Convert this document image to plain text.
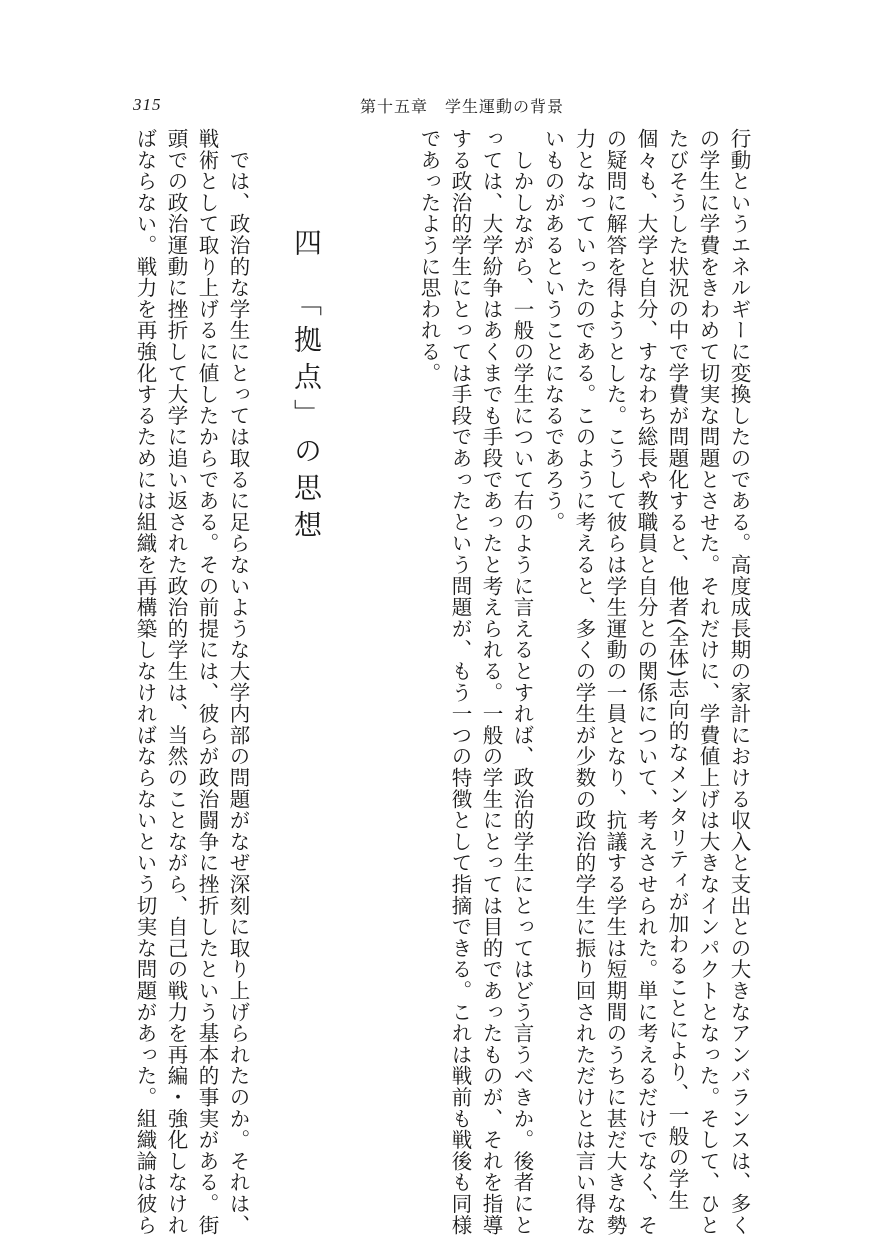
315	第十五章　学生運動の背景
行動というエネルギーに変換したのである。高度成長期の家計における収入と支出との大きなアンバランスは、多く
の学生に学費をきわめて切実な問題とさせた。それだけに、学費値上げは大きなインパクトとなった。そして、ひと
たびそうした状況の中で学費が問題化すると、他者(全体)志向的なメンタリティが加わることにより、一般の学生
個々も、大学と自分、すなわち総長や教職員と自分との関係について、考えさせられた。単に考えるだけでなく、そ
の疑問に解答を得ようとした。こうして彼らは学生運動の一員となり、抗議する学生は短期間のうちに甚だ大きな勢
力となっていったのである。このように考えると、多くの学生が少数の政治的学生に振り回されただけとは言い得な
いものがあるということになるであろう。
　しかしながら、一般の学生について右のように言えるとすれば、政治的学生にとってはどう言うべきか。後者にと
っては、大学紛争はあくまでも手段であったと考えられる。一般の学生にとっては目的であったものが、それを指導
する政治的学生にとっては手段であったという問題が、もう一つの特徴として指摘できる。これは戦前も戦後も同様
であったように思われる。
四　「拠点」の思想
　では、政治的な学生にとっては取るに足らないような大学内部の問題がなぜ深刻に取り上げられたのか。それは、
戦術として取り上げるに値したからである。その前提には、彼らが政治闘争に挫折したという基本的事実がある。街
頭での政治運動に挫折して大学に追い返された政治的学生は、当然のことながら、自己の戦力を再編・強化しなけれ
ばならない。戦力を再強化するためには組織を再構築しなければならないという切実な問題があった。組織論は彼ら
